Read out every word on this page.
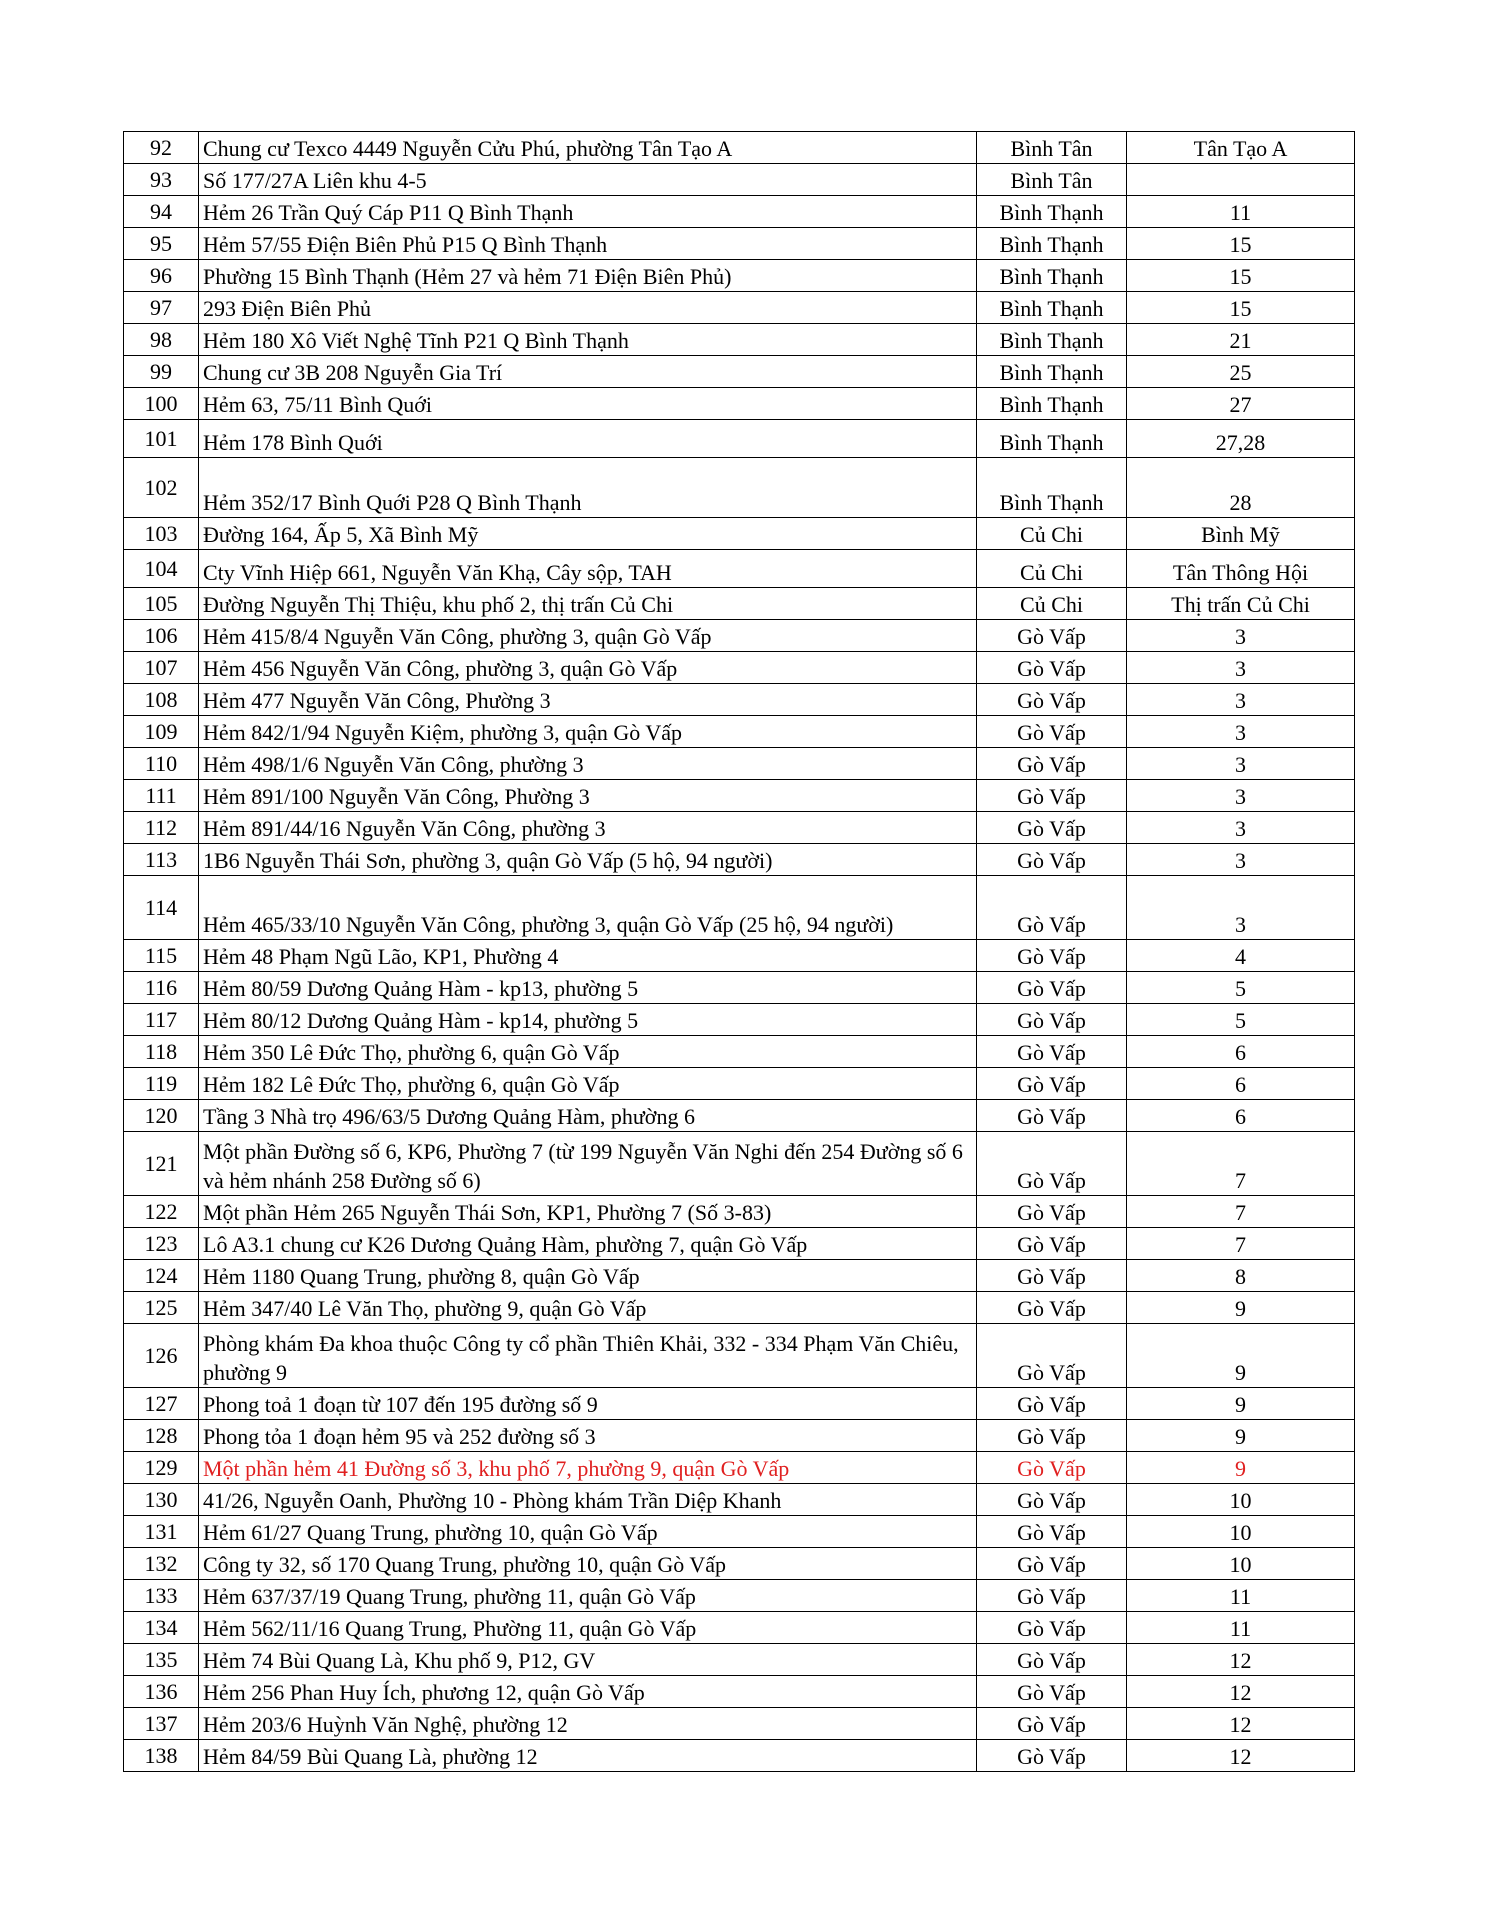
92	Chung cư Texco 4449 Nguyễn Cửu Phú, phường Tân Tạo A	Bình Tân	Tân Tạo A
93	Số 177/27A Liên khu 4-5	Bình Tân	
94	Hẻm 26 Trần Quý Cáp P11 Q Bình Thạnh	Bình Thạnh	11
95	Hẻm 57/55 Điện Biên Phủ P15 Q Bình Thạnh	Bình Thạnh	15
96	Phường 15 Bình Thạnh (Hẻm 27 và hẻm 71 Điện Biên Phủ)	Bình Thạnh	15
97	293 Điện Biên Phủ	Bình Thạnh	15
98	Hẻm 180 Xô Viết Nghệ Tĩnh P21 Q Bình Thạnh	Bình Thạnh	21
99	Chung cư 3B 208 Nguyễn Gia Trí	Bình Thạnh	25
100	Hẻm 63, 75/11 Bình Quới	Bình Thạnh	27
101	Hẻm 178 Bình Quới	Bình Thạnh	27,28
102	Hẻm 352/17 Bình Quới P28 Q Bình Thạnh	Bình Thạnh	28
103	Đường 164, Ấp 5, Xã Bình Mỹ	Củ Chi	Bình Mỹ
104	Cty Vĩnh Hiệp 661, Nguyễn Văn Khạ, Cây sộp, TAH	Củ Chi	Tân Thông Hội
105	Đường Nguyễn Thị Thiệu, khu phố 2, thị trấn Củ Chi	Củ Chi	Thị trấn Củ Chi
106	Hẻm 415/8/4 Nguyễn Văn Công, phường 3, quận Gò Vấp	Gò Vấp	3
107	Hẻm 456 Nguyễn Văn Công, phường 3, quận Gò Vấp	Gò Vấp	3
108	Hẻm 477 Nguyễn Văn Công, Phường 3	Gò Vấp	3
109	Hẻm 842/1/94 Nguyễn Kiệm, phường 3, quận Gò Vấp	Gò Vấp	3
110	Hẻm 498/1/6 Nguyễn Văn Công, phường 3	Gò Vấp	3
111	Hẻm 891/100 Nguyễn Văn Công, Phường 3	Gò Vấp	3
112	Hẻm 891/44/16 Nguyễn Văn Công, phường 3	Gò Vấp	3
113	1B6 Nguyễn Thái Sơn, phường 3, quận Gò Vấp (5 hộ, 94 người)	Gò Vấp	3
114	Hẻm 465/33/10 Nguyễn Văn Công, phường 3, quận Gò Vấp (25 hộ, 94 người)	Gò Vấp	3
115	Hẻm 48 Phạm Ngũ Lão, KP1, Phường 4	Gò Vấp	4
116	Hẻm 80/59 Dương Quảng Hàm - kp13, phường 5	Gò Vấp	5
117	Hẻm 80/12 Dương Quảng Hàm - kp14, phường 5	Gò Vấp	5
118	Hẻm 350 Lê Đức Thọ, phường 6, quận Gò Vấp	Gò Vấp	6
119	Hẻm 182 Lê Đức Thọ, phường 6, quận Gò Vấp	Gò Vấp	6
120	Tầng 3 Nhà trọ 496/63/5 Dương Quảng Hàm, phường 6	Gò Vấp	6
121	Một phần Đường số 6, KP6, Phường 7 (từ 199 Nguyễn Văn Nghi đến 254 Đường số 6 và hẻm nhánh 258 Đường số 6)	Gò Vấp	7
122	Một phần Hẻm 265 Nguyễn Thái Sơn, KP1, Phường 7 (Số 3-83)	Gò Vấp	7
123	Lô A3.1 chung cư K26 Dương Quảng Hàm, phường 7, quận Gò Vấp	Gò Vấp	7
124	Hẻm 1180 Quang Trung, phường 8, quận Gò Vấp	Gò Vấp	8
125	Hẻm 347/40 Lê Văn Thọ, phường 9, quận Gò Vấp	Gò Vấp	9
126	Phòng khám Đa khoa thuộc Công ty cổ phần Thiên Khải, 332 - 334 Phạm Văn Chiêu, phường 9	Gò Vấp	9
127	Phong toả 1 đoạn từ 107 đến 195 đường số 9	Gò Vấp	9
128	Phong tỏa 1 đoạn hẻm 95 và 252 đường số 3	Gò Vấp	9
129	Một phần hẻm 41 Đường số 3, khu phố 7, phường 9, quận Gò Vấp	Gò Vấp	9
130	41/26, Nguyễn Oanh, Phường 10 - Phòng khám Trần Diệp Khanh	Gò Vấp	10
131	Hẻm 61/27 Quang Trung, phường 10, quận Gò Vấp	Gò Vấp	10
132	Công ty 32, số 170 Quang Trung, phường 10, quận Gò Vấp	Gò Vấp	10
133	Hẻm 637/37/19 Quang Trung, phường 11, quận Gò Vấp	Gò Vấp	11
134	Hẻm 562/11/16 Quang Trung, Phường 11, quận Gò Vấp	Gò Vấp	11
135	Hẻm 74 Bùi Quang Là, Khu phố 9, P12, GV	Gò Vấp	12
136	Hẻm 256 Phan Huy Ích, phương 12, quận Gò Vấp	Gò Vấp	12
137	Hẻm 203/6 Huỳnh Văn Nghệ, phường 12	Gò Vấp	12
138	Hẻm 84/59 Bùi Quang Là, phường 12	Gò Vấp	12
